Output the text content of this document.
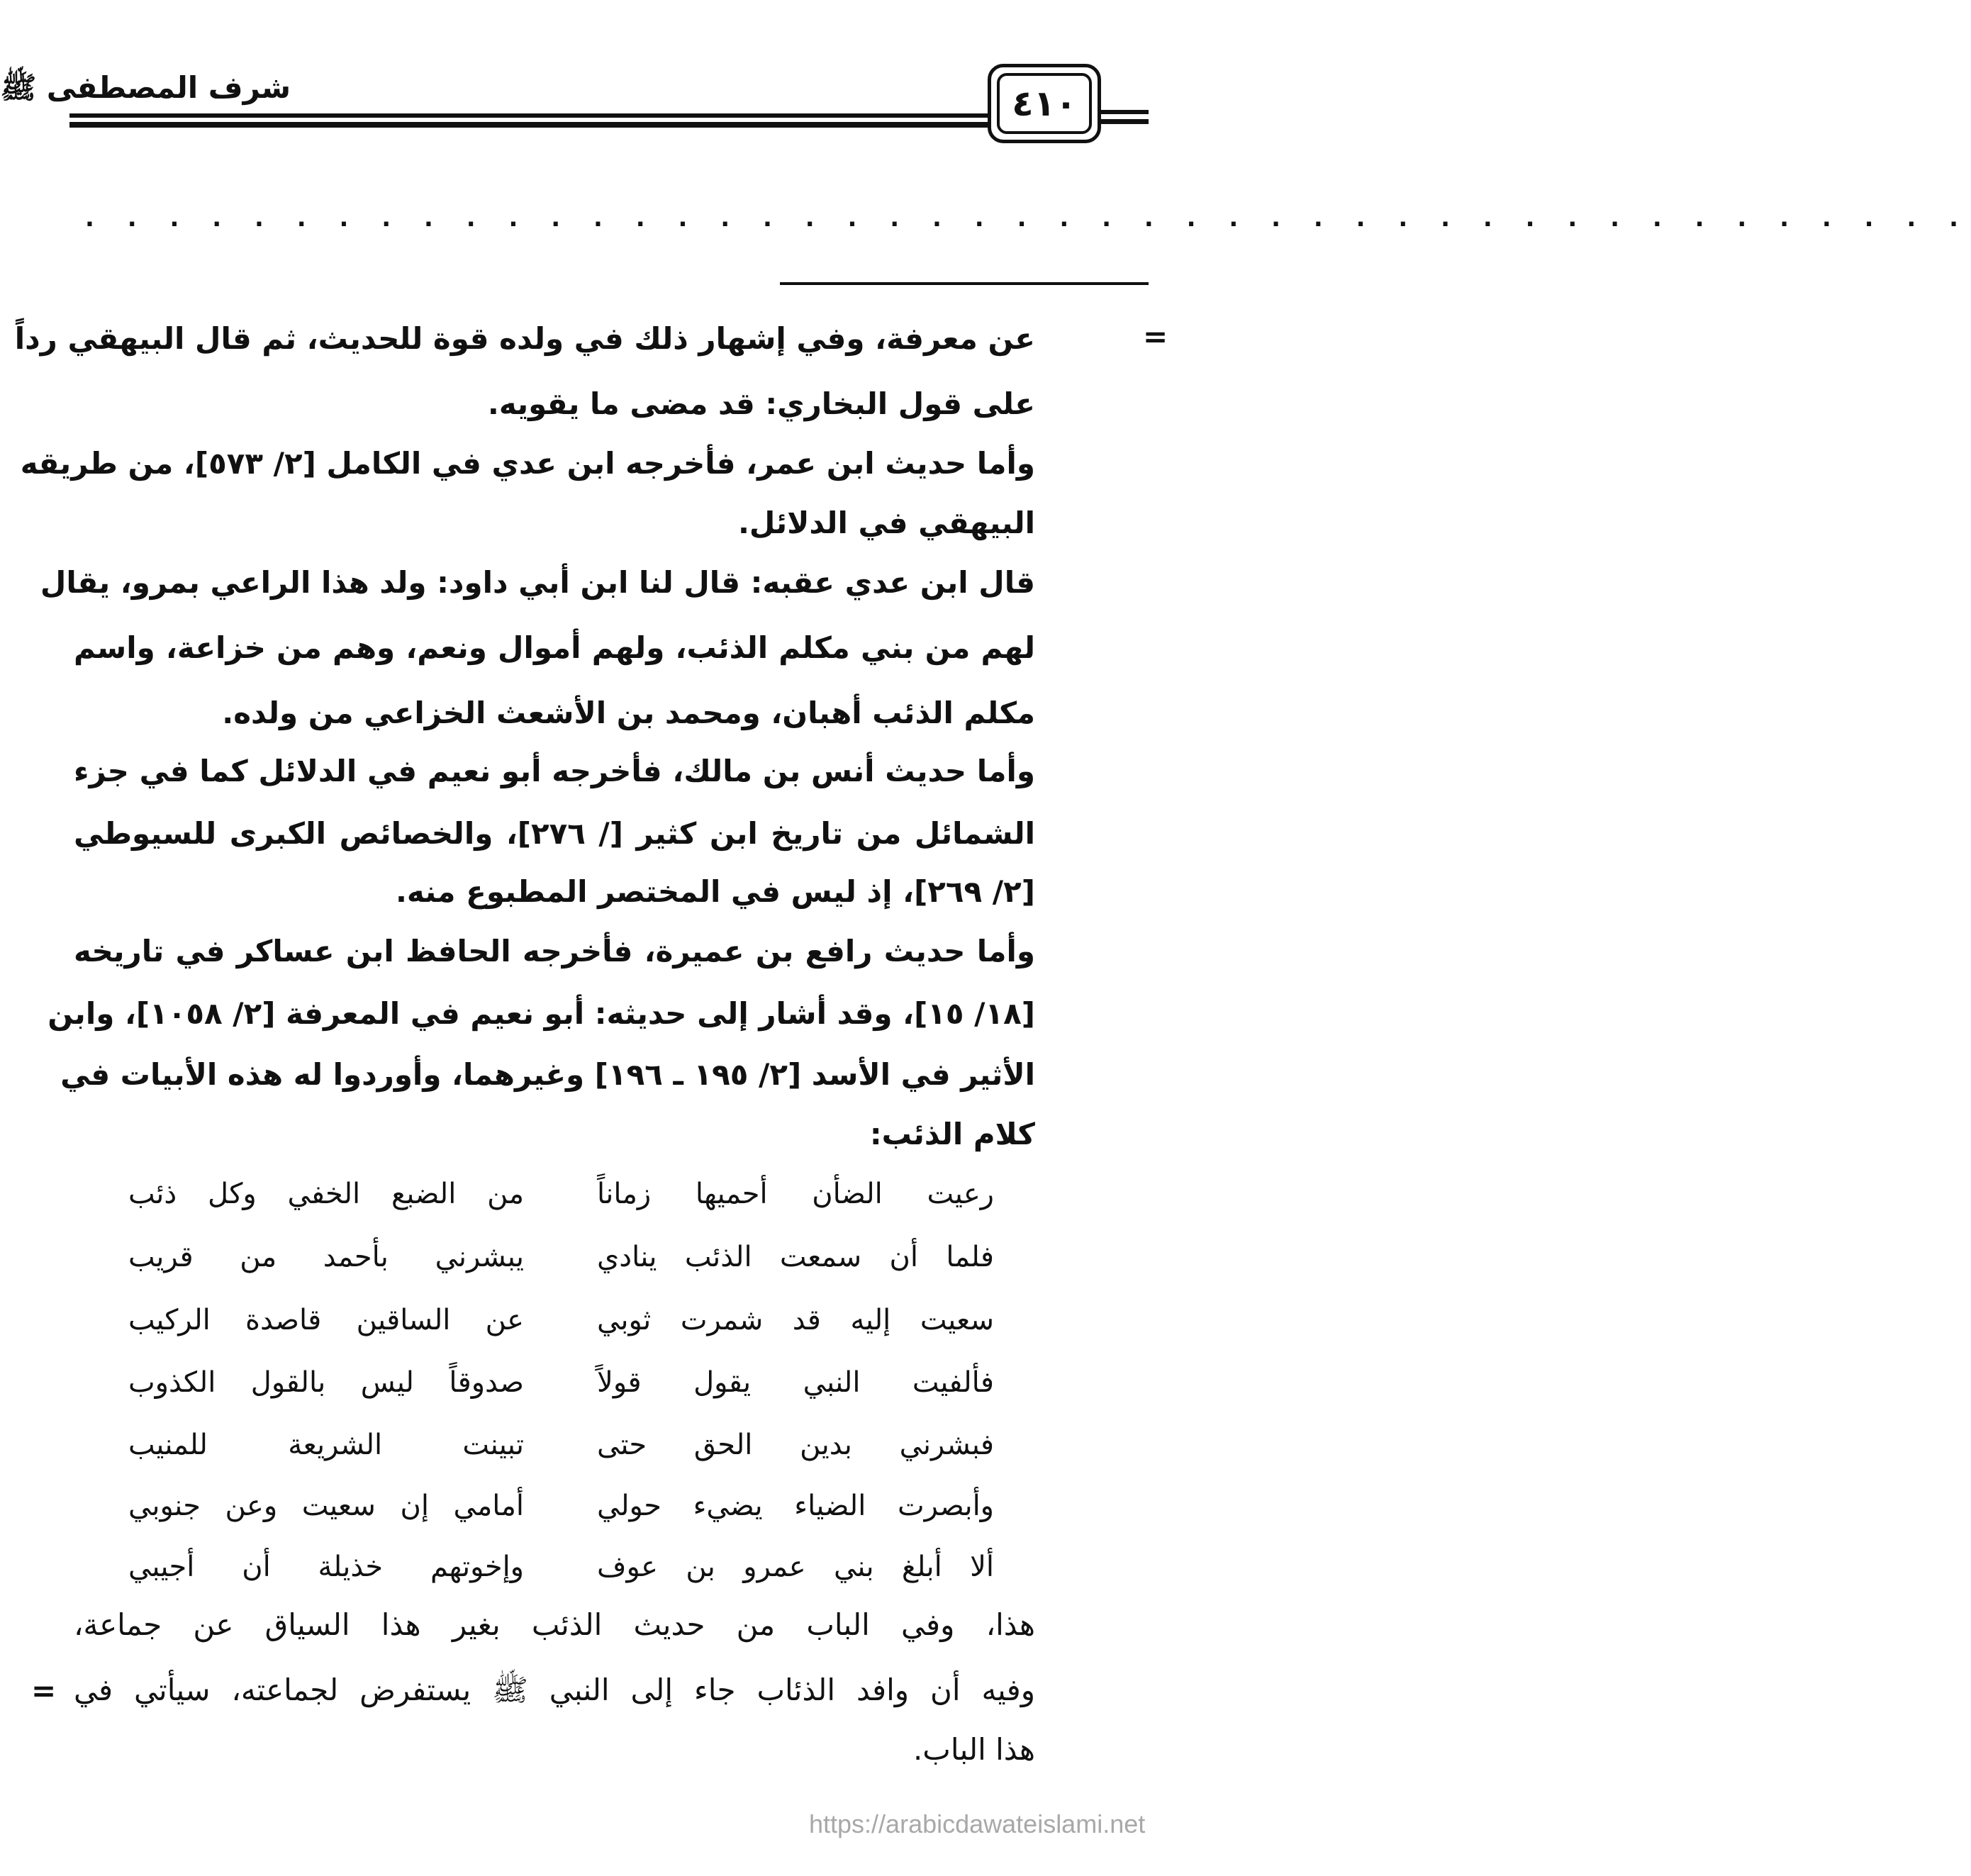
٤١٠
شرف المصطفى ﷺ
. . . . . . . . . . . . . . . . . . . . . . . . . . . . . . . . . . . . . . . . . . . . .
=
عن معرفة، وفي إشهار ذلك في ولده قوة للحديث، ثم قال البيهقي رداً
على قول البخاري: قد مضى ما يقويه.
وأما حديث ابن عمر، فأخرجه ابن عدي في الكامل [٢/ ٥٧٣]، من طريقه
البيهقي في الدلائل.
قال ابن عدي عقبه: قال لنا ابن أبي داود: ولد هذا الراعي بمرو، يقال
لهم من بني مكلم الذئب، ولهم أموال ونعم، وهم من خزاعة، واسم
مكلم الذئب أهبان، ومحمد بن الأشعث الخزاعي من ولده.
وأما حديث أنس بن مالك، فأخرجه أبو نعيم في الدلائل كما في جزء
الشمائل من تاريخ ابن كثير [/ ٢٧٦]، والخصائص الكبرى للسيوطي
[٢/ ٢٦٩]، إذ ليس في المختصر المطبوع منه.
وأما حديث رافع بن عميرة، فأخرجه الحافظ ابن عساكر في تاريخه
[١٨/ ١٥]، وقد أشار إلى حديثه: أبو نعيم في المعرفة [٢/ ١٠٥٨]، وابن
الأثير في الأسد [٢/ ١٩٥ ـ ١٩٦] وغيرهما، وأوردوا له هذه الأبيات في
كلام الذئب:
رعيت الضأن أحميها زماناً
من الضبع الخفي وكل ذئب
فلما أن سمعت الذئب ينادي
يبشرني بأحمد من قريب
سعيت إليه قد شمرت ثوبي
عن الساقين قاصدة الركيب
فألفيت النبي يقول قولاً
صدوقاً ليس بالقول الكذوب
فبشرني بدين الحق حتى
تبينت الشريعة للمنيب
وأبصرت الضياء يضيء حولي
أمامي إن سعيت وعن جنوبي
ألا أبلغ بني عمرو بن عوف
وإخوتهم خذيلة أن أجيبي
هذا، وفي الباب من حديث الذئب بغير هذا السياق عن جماعة،
وفيه أن وافد الذئاب جاء إلى النبي ﷺ يستفرض لجماعته، سيأتي في
هذا الباب.
=
https://arabicdawateislami.net
